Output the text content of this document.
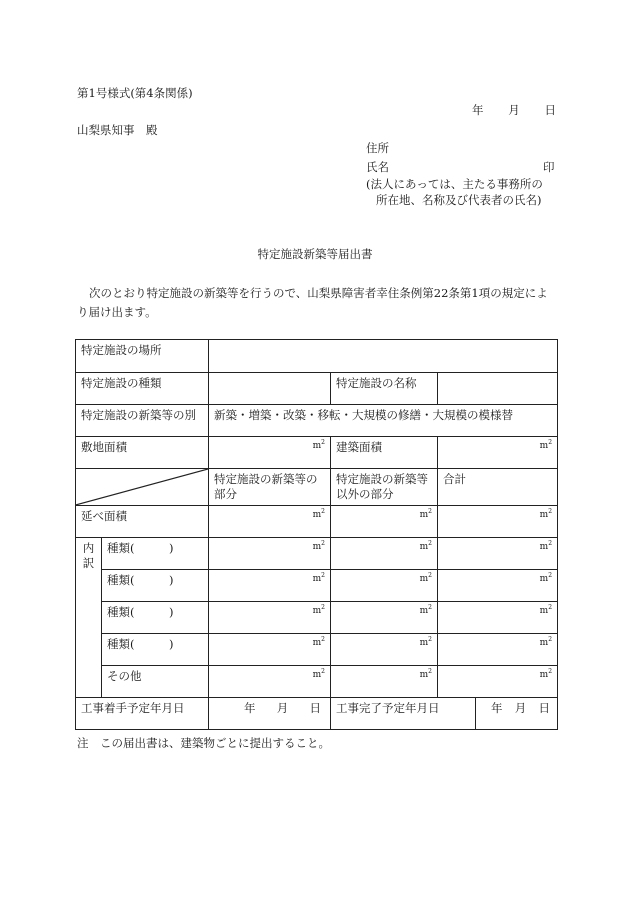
第1号様式(第4条関係)
年 月 日
山梨県知事　殿
住所
氏名	印
(法人にあっては、主たる事務所の
所在地、名称及び代表者の氏名)
特定施設新築等届出書
次のとおり特定施設の新築等を行うので、山梨県障害者幸住条例第22条第1項の規定により届け出ます。
特定施設の場所					
特定施設の種類			特定施設の名称		
特定施設の新築等の別		新築・増築・改築・移転・大規模の修繕・大規模の模様替			
敷地面積		$m^2$	建築面積	$m^2$

	特定施設の新築等の部分	特定施設の新築等以外の部分	合計	
延べ面積		$m^2$	$m^2$	$m^2$

内訳	種類(　　　)	$m^2$	$m^2$	$m^2$

	種類(　　　)	$m^2$	$m^2$	$m^2$

	種類(　　　)	$m^2$	$m^2$	$m^2$

	種類(　　　)	$m^2$	$m^2$	$m^2$

	その他	$m^2$	$m^2$	$m^2$

工事着手予定年月日		年 月 日	工事完了予定年月日		年 月 日
注　この届出書は、建築物ごとに提出すること。
